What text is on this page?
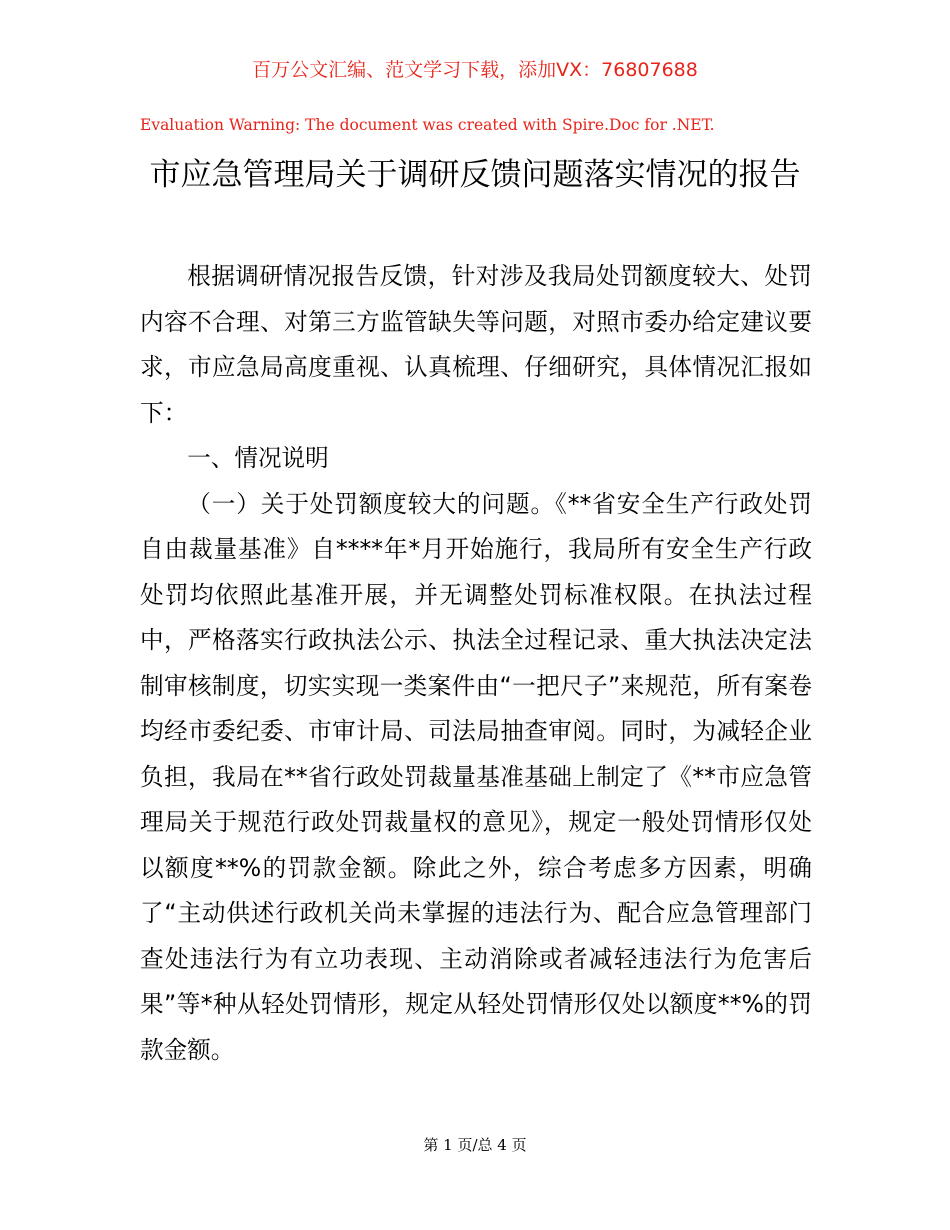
百万公文汇编、范文学习下载，添加VX：76807688
Evaluation Warning: The document was created with Spire.Doc for .NET.
市应急管理局关于调研反馈问题落实情况的报告

根据调研情况报告反馈，针对涉及我局处罚额度较大、处罚内容不合理、对第三方监管缺失等问题，对照市委办给定建议要求，市应急局高度重视、认真梳理、仔细研究，具体情况汇报如下：

一、情况说明

（一）关于处罚额度较大的问题。《**省安全生产行政处罚自由裁量基准》自****年*月开始施行，我局所有安全生产行政处罚均依照此基准开展，并无调整处罚标准权限。在执法过程中，严格落实行政执法公示、执法全过程记录、重大执法决定法制审核制度，切实实现一类案件由“一把尺子”来规范，所有案卷均经市委纪委、市审计局、司法局抽查审阅。同时，为减轻企业负担，我局在**省行政处罚裁量基准基础上制定了《**市应急管理局关于规范行政处罚裁量权的意见》，规定一般处罚情形仅处以额度**%的罚款金额。除此之外，综合考虑多方因素，明确了“主动供述行政机关尚未掌握的违法行为、配合应急管理部门查处违法行为有立功表现、主动消除或者减轻违法行为危害后果”等*种从轻处罚情形，规定从轻处罚情形仅处以额度**%的罚款金额。

第 1 页/总 4 页
